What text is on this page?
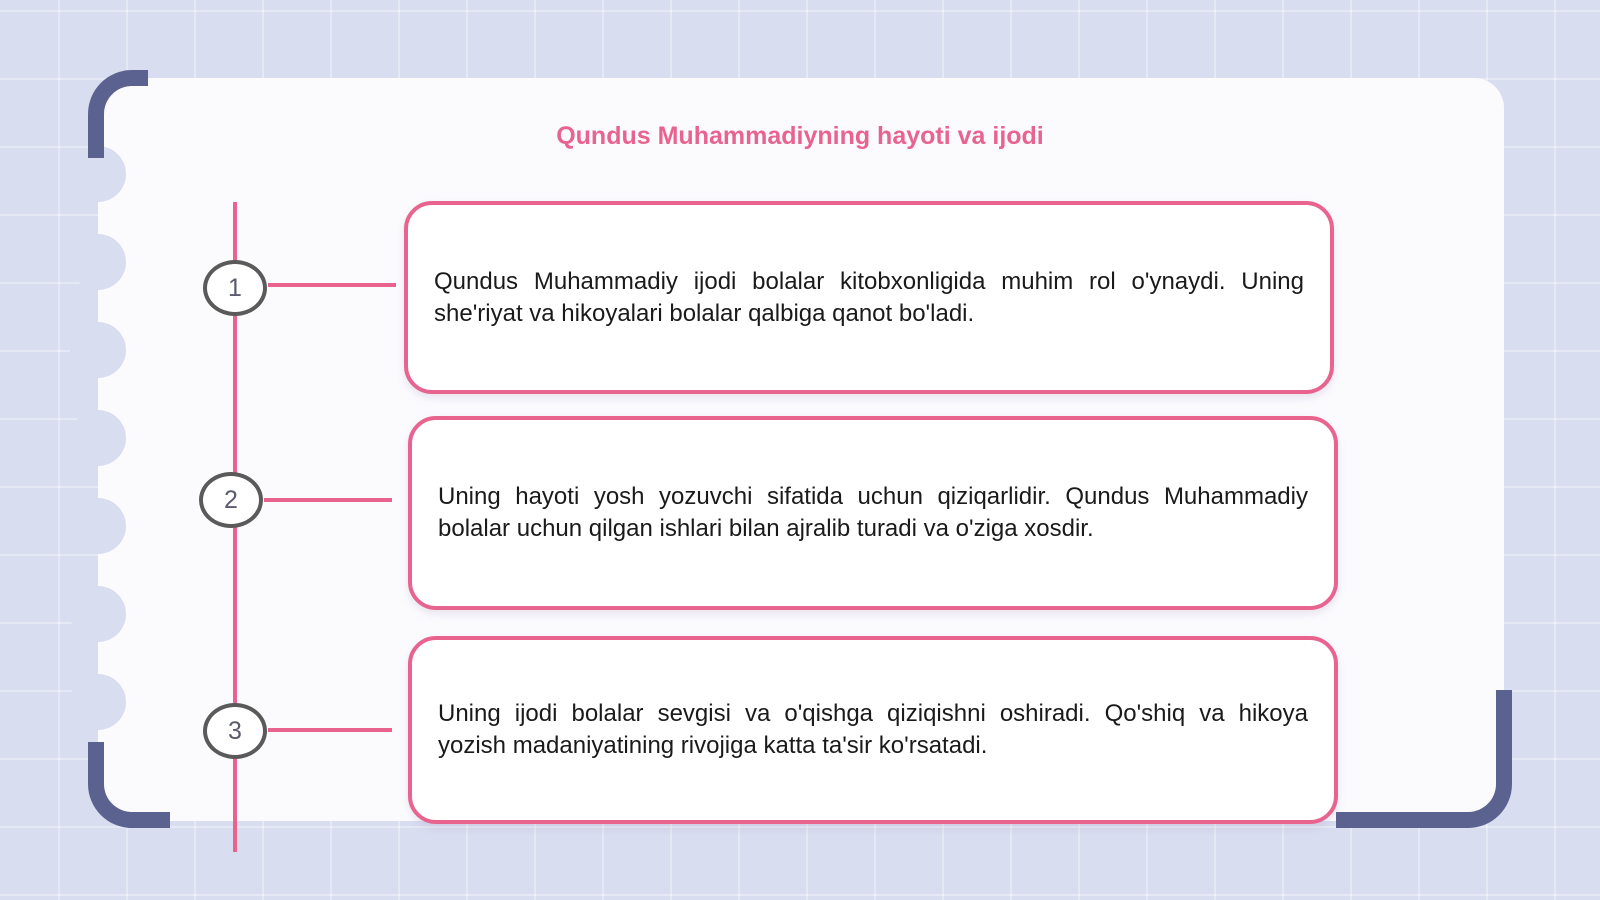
Qundus Muhammadiyning hayoti va ijodi
1
2
3

Qundus Muhammadiy ijodi bolalar kitobxonligida muhim rol o'ynaydi. Uning she'riyat va hikoyalari bolalar qalbiga qanot bo'ladi.

Uning hayoti yosh yozuvchi sifatida uchun qiziqarlidir. Qundus Muhammadiy bolalar uchun qilgan ishlari bilan ajralib turadi va o'ziga xosdir.

Uning ijodi bolalar sevgisi va o'qishga qiziqishni oshiradi. Qo'shiq va hikoya yozish madaniyatining rivojiga katta ta'sir ko'rsatadi.
